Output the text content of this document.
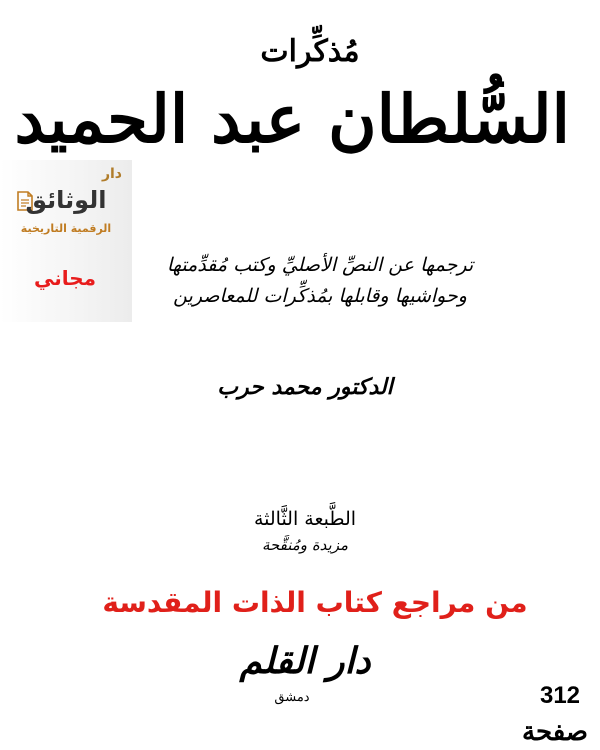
مُذكِّرات
السُّلطان عبد الحميد
ترجمها عن النصِّ الأصليِّ وكتب مُقدِّمتها
وحواشيها وقابلها بمُذكِّرات للمعاصرين
الدكتور محمد حرب
الطَّبعة الثَّالثة
مزيدة ومُنقَّحة
من مراجع كتاب الذات المقدسة
دار القلم
دمشق	312
صفحة
دار
الوثائق
الرقمية التاريخية
مجاني
